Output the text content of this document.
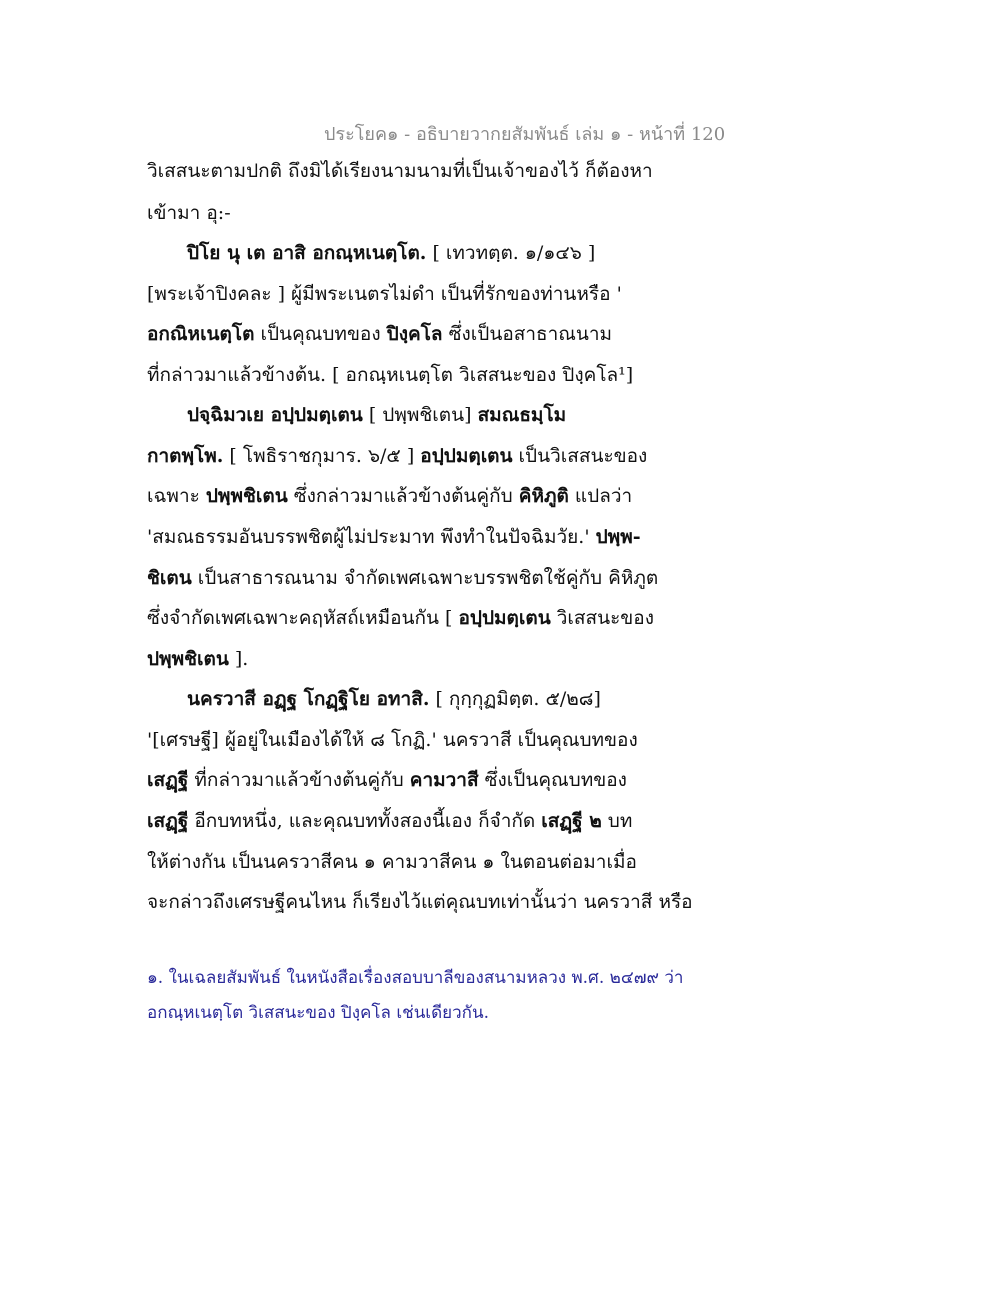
ประโยค๑ - อธิบายวากยสัมพันธ์ เล่ม ๑ - หน้าที่ 120
วิเสสนะตามปกติ ถึงมิได้เรียงนามนามที่เป็นเจ้าของไว้ ก็ต้องหา
เข้ามา อุ:-
ปิโย นุ เต อาสิ อกณฺหเนตฺโต. [ เทวทตฺต. ๑/๑๔๖ ]
[พระเจ้าปิงคละ ] ผู้มีพระเนตรไม่ดำ เป็นที่รักของท่านหรือ '
อกณิหเนตฺโต เป็นคุณบทของ ปิงฺคโล ซึ่งเป็นอสาธาณนาม
ที่กล่าวมาแล้วข้างต้น. [ อกณฺหเนตฺโต วิเสสนะของ ปิงฺคโล¹]
ปจฺฉิมวเย อปฺปมตฺเตน [ ปพฺพชิเตน] สมณธมฺโม
กาตพฺโพ. [ โพธิราชกุมาร. ๖/๕ ] อปฺปมตฺเตน เป็นวิเสสนะของ
เฉพาะ ปพฺพชิเตน ซึ่งกล่าวมาแล้วข้างต้นคู่กับ คิหิภูติ แปลว่า
'สมณธรรมอันบรรพชิตผู้ไม่ประมาท พึงทำในปัจฉิมวัย.' ปพฺพ-
ชิเตน เป็นสาธารณนาม จำกัดเพศเฉพาะบรรพชิตใช้คู่กับ คิหิภูต
ซึ่งจำกัดเพศเฉพาะคฤหัสถ์เหมือนกัน [ อปฺปมตฺเตน วิเสสนะของ
ปพฺพชิเตน ].
นครวาสี อฏฺฐ โกฏฺฐิโย อทาสิ. [ กุกฺกุฏมิตฺต. ๕/๒๘]
'[เศรษฐี] ผู้อยู่ในเมืองได้ให้ ๘ โกฏิ.' นครวาสี เป็นคุณบทของ
เสฏฺฐี ที่กล่าวมาแล้วข้างต้นคู่กับ คามวาสี ซึ่งเป็นคุณบทของ
เสฏฺฐี อีกบทหนึ่ง, และคุณบททั้งสองนี้เอง ก็จำกัด เสฏฺฐี ๒ บท
ให้ต่างกัน เป็นนครวาสีคน ๑ คามวาสีคน ๑ ในตอนต่อมาเมื่อ
จะกล่าวถึงเศรษฐีคนไหน ก็เรียงไว้แต่คุณบทเท่านั้นว่า นครวาสี หรือ
๑. ในเฉลยสัมพันธ์ ในหนังสือเรื่องสอบบาลีของสนามหลวง พ.ศ. ๒๔๗๙ ว่า
อกณฺหเนตฺโต วิเสสนะของ ปิงฺคโล เช่นเดียวกัน.
